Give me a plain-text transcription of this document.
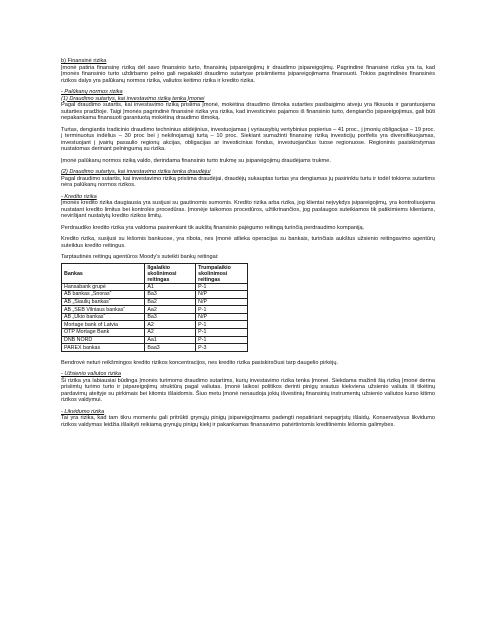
b) Finansinė rizika

Įmonė patiria finansinę riziką dėl savo finansinio turto, finansinių įsipareigojimų ir draudimo įsipareigojimų. Pagrindinė finansinė rizika yra ta, kad Įmonės finansinio turto uždirbamo pelno gali nepakakti draudimo sutartyse prisiimtiems įsipareigojimams finansuoti. Tokios pagrindinės finansinės rizikos dalys yra palūkanų normos rizika, valiutos keitimo rizika ir kredito rizika.

- Palūkanų normos rizika

(1) Draudimo sutartys, kai investavimo riziką tenka Įmonei

Pagal draudimo sutartis, kai investavimo riziką prisiima Įmonė, mokėtina draudimo išmoka sutarties pasibaigimo atveju yra fiksuota ir garantuojama sutarties pradžioje. Taigi Įmonės pagrindinė finansinė rizika yra rizika, kad investicinės pajamos iš finansinio turto, dengiančio įsipareigojimus, gali būti nepakankama finansuoti garantuotą mokėtiną draudimo išmoką.

Turtas, dengiantis tradicinio draudimo techninius atidėjinius, investuojamas į vyriausybių vertybinius popierius – 41 proc., į įmonių obligacijas – 19 proc. į terminuotus indėlius – 30 proc bei į nekilnojamąjį turtą – 10 proc. Siekiant sumažinti finansinę riziką investicijų portfelis yra diversifikuojamas, investuojant į įvairių pasaulio regionų akcijas, obligacijas ar investicinius fondus, investuojančius tuose regionuose. Regioninis pasiskirstymas nustatomas derinant pelningumą su rizika.

Įmonė palūkanų normos riziką valdo, derindama finansinio turto trukmę su įsipareigojimų draudėjams trukme.

(2) Draudimo sutartys, kai investavimo rizika tenka draudėjui

Pagal draudimo sutartis, kai investavimo riziką prisiima draudėjai, draudėjų sukauptas turtas yra dengiamas jų pasirinktu turtu ir todėl tokioms sutartims nėra palūkanų normos rizikos.

- Kredito rizika

Įmonės kredito rizika daugiausia yra susijusi su gautinomis sumomis. Kredito rizika arba rizika, jog klientai neįvykdys įsipareigojimų, yra kontroliuojama nustatant kredito limitus bei kontrolės procedūras. Įmonėje taikomos procedūros, užtikrinančios, jog paslaugos suteikiamos tik patikimiems klientams, neviršijant nustatytų kredito rizikos limitų.

Perdraudiko kredito rizika yra valdoma pasirenkant tik aukštą finansinio pajėgumo reitingą turinčią perdraudimo kompaniją.

Kredito rizika, susijusi su lėšomis bankuose, yra ribota, nes Įmonė atlieka operacijas su bankais, turinčiais aukštus užsienio reitingavimo agentūrų suteiktus kredito reitingus.

Tarptautinės reitingų agentūros Moody's suteikti bankų reitingai:

Bankas	Ilgalaikio skolinimosi reitingas	Trumpalaikio skolinimosi reitingas
Hansabank grupė	A1	P-1
AB bankas „Snoras“	Ba3	N/P
AB „Šiaulių bankas“	Ba2	N/P
AB „SEB Vilniaus bankas“	Aa2	P-1
AB „Ūkio bankas“	Ba3	N/P
Mortage bank of Latvia	A2	P-1
OTP Mortage Bank	A2	P-1
DNB NORD	Aa1	P-1
PAREX bankas	Baa3	P-3

Bendrovė neturi reikšmingos kredito rizikos koncentracijos, nes kredito rizika pasiskirsčiusi tarp daugelio pirkėjų.

- Užsienio valiutos rizika

Ši rizika yra labiausiai būdinga Įmonės turimoms draudimo sutartims, kurių investavimo rizika tenka Įmonei. Siekdama mažinti šią riziką Įmonė derina prisiimtų turimo turto ir įsipareigojimų struktūrą pagal valiutas. Įmonė laikosi politikos derinti pinigų srautus kiekviena užsienio valiuta iš tikėtinų pardavimų ateityje su pirkimais bei kitomis išlaidomis. Šiuo metu Įmonė nenaudoja jokių išvestinių finansinių instrumentų užsienio valiutos kurso kitimo rizikos valdymui.

- Likvidumo rizika

Tai yra rizika, kad tam tikru momentu gali pritrūkti grynųjų pinigų įsipareigojimams padengti nepatiriant nepagrįstų išlaidų. Konservatyvus likvidumo rizikos valdymas leidžia išlaikyti reikiamą grynųjų pinigų kiekį ir pakankamas finansavimo patvirtintomis kreditinėmis lėšomis galimybes.
